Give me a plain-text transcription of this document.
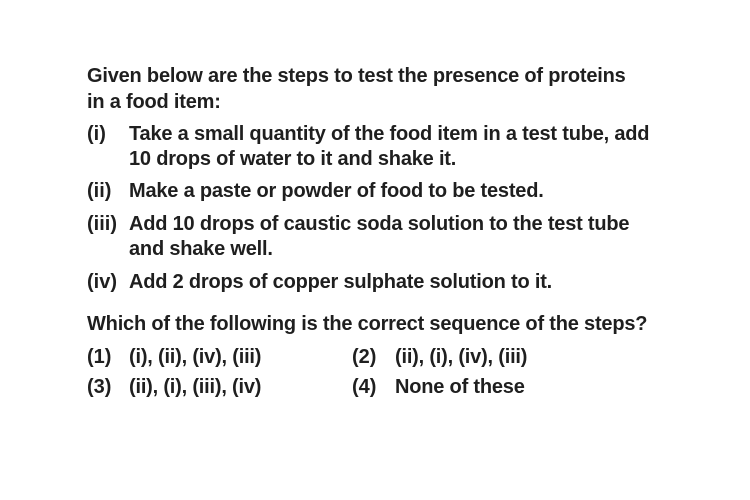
Given below are the steps to test the presence of proteins
in a food item:
(i) Take a small quantity of the food item in a test tube, add
10 drops of water to it and shake it.
(ii) Make a paste or powder of food to be tested.
(iii) Add 10 drops of caustic soda solution to the test tube
and shake well.
(iv) Add 2 drops of copper sulphate solution to it.
Which of the following is the correct sequence of the steps?
(1) (i), (ii), (iv), (iii)	(2) (ii), (i), (iv), (iii)
(3) (ii), (i), (iii), (iv)	(4) None of these
